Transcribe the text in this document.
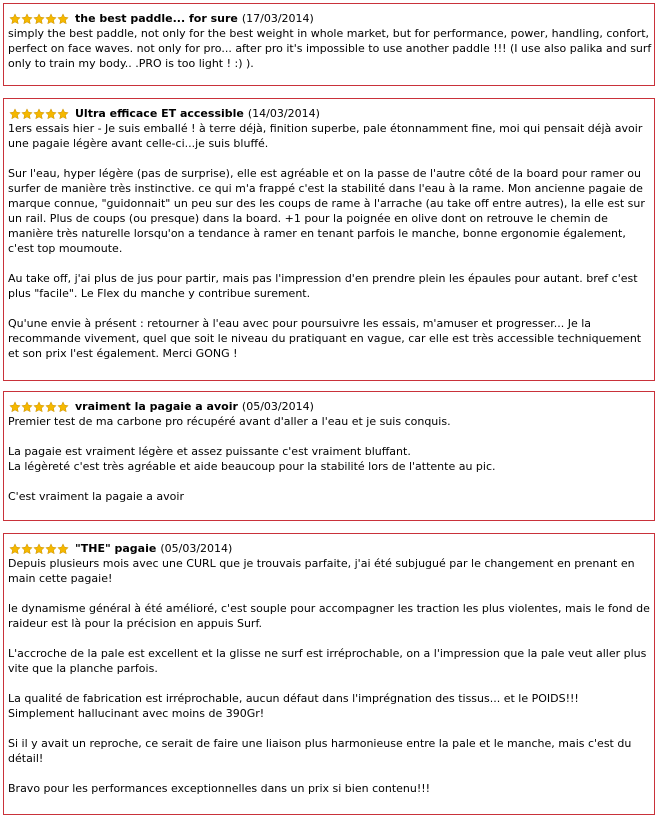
the best paddle... for sure (17/03/2014)

simply the best paddle, not only for the best weight in whole market, but for performance, power, handling, confort, perfect on face waves. not only for pro... after pro it's impossible to use another paddle !!! (I use also palika and surf only to train my body.. .PRO is too light ! :) ).

Ultra efficace ET accessible (14/03/2014)

1ers essais hier - Je suis emballé ! à terre déjà, finition superbe, pale étonnamment fine, moi qui pensait déjà avoir une pagaie légère avant celle-ci...je suis bluffé.

Sur l'eau, hyper légère (pas de surprise), elle est agréable et on la passe de l'autre côté de la board pour ramer ou surfer de manière très instinctive. ce qui m'a frappé c'est la stabilité dans l'eau à la rame. Mon ancienne pagaie de marque connue, "guidonnait" un peu sur des les coups de rame à l'arrache (au take off entre autres), la elle est sur un rail. Plus de coups (ou presque) dans la board. +1 pour la poignée en olive dont on retrouve le chemin de manière très naturelle lorsqu'on a tendance à ramer en tenant parfois le manche, bonne ergonomie également, c'est top moumoute.

Au take off, j'ai plus de jus pour partir, mais pas l'impression d'en prendre plein les épaules pour autant. bref c'est plus "facile". Le Flex du manche y contribue surement.

Qu'une envie à présent : retourner à l'eau avec pour poursuivre les essais, m'amuser et progresser... Je la recommande vivement, quel que soit le niveau du pratiquant en vague, car elle est très accessible techniquement et son prix l'est également. Merci GONG !

vraiment la pagaie a avoir (05/03/2014)

Premier test de ma carbone pro récupéré avant d'aller a l'eau et je suis conquis.

La pagaie est vraiment légère et assez puissante c'est vraiment bluffant.
La légèreté c'est très agréable et aide beaucoup pour la stabilité lors de l'attente au pic.

C'est vraiment la pagaie a avoir

"THE" pagaie (05/03/2014)

Depuis plusieurs mois avec une CURL que je trouvais parfaite, j'ai été subjugué par le changement en prenant en main cette pagaie!

le dynamisme général à été amélioré, c'est souple pour accompagner les traction les plus violentes, mais le fond de raideur est là pour la précision en appuis Surf.

L'accroche de la pale est excellent et la glisse ne surf est irréprochable, on a l'impression que la pale veut aller plus vite que la planche parfois.

La qualité de fabrication est irréprochable, aucun défaut dans l'imprégnation des tissus... et le POIDS!!!
Simplement hallucinant avec moins de 390Gr!

Si il y avait un reproche, ce serait de faire une liaison plus harmonieuse entre la pale et le manche, mais c'est du détail!

Bravo pour les performances exceptionnelles dans un prix si bien contenu!!!
